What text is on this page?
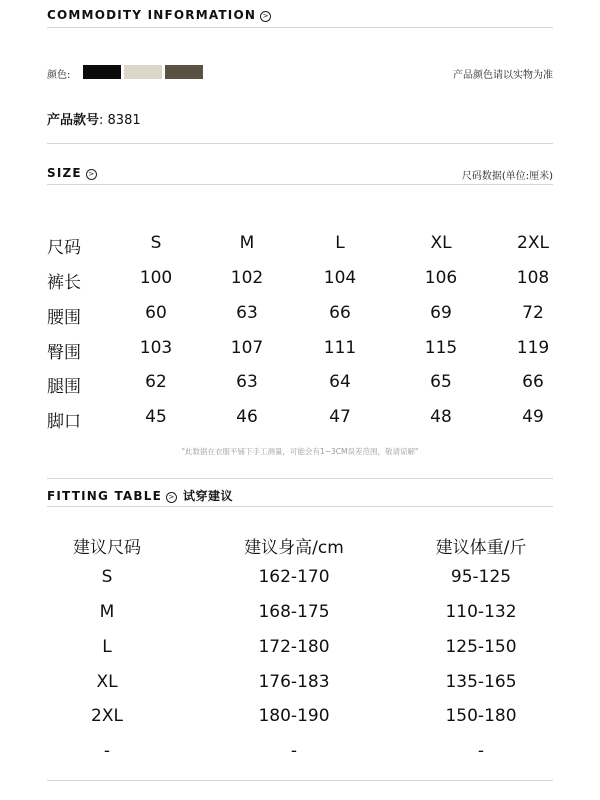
COMMODITY INFORMATION >
颜色:	产品颜色请以实物为准
产品款号: 8381
SIZE >	尺码数据(单位:厘米)
尺码	S	M	L	XL	2XL
裤长	100	102	104	106	108
腰围	60	63	66	69	72
臀围	103	107	111	115	119
腿围	62	63	64	65	66
脚口	45	46	47	48	49
"此数据在衣服平铺下手工测量，可能会有1~3CM误差范围，敬请谅解"
FITTING TABLE > 试穿建议
建议尺码	建议身高/cm	建议体重/斤
S	162-170	95-125
M	168-175	110-132
L	172-180	125-150
XL	176-183	135-165
2XL	180-190	150-180
-	-	-
